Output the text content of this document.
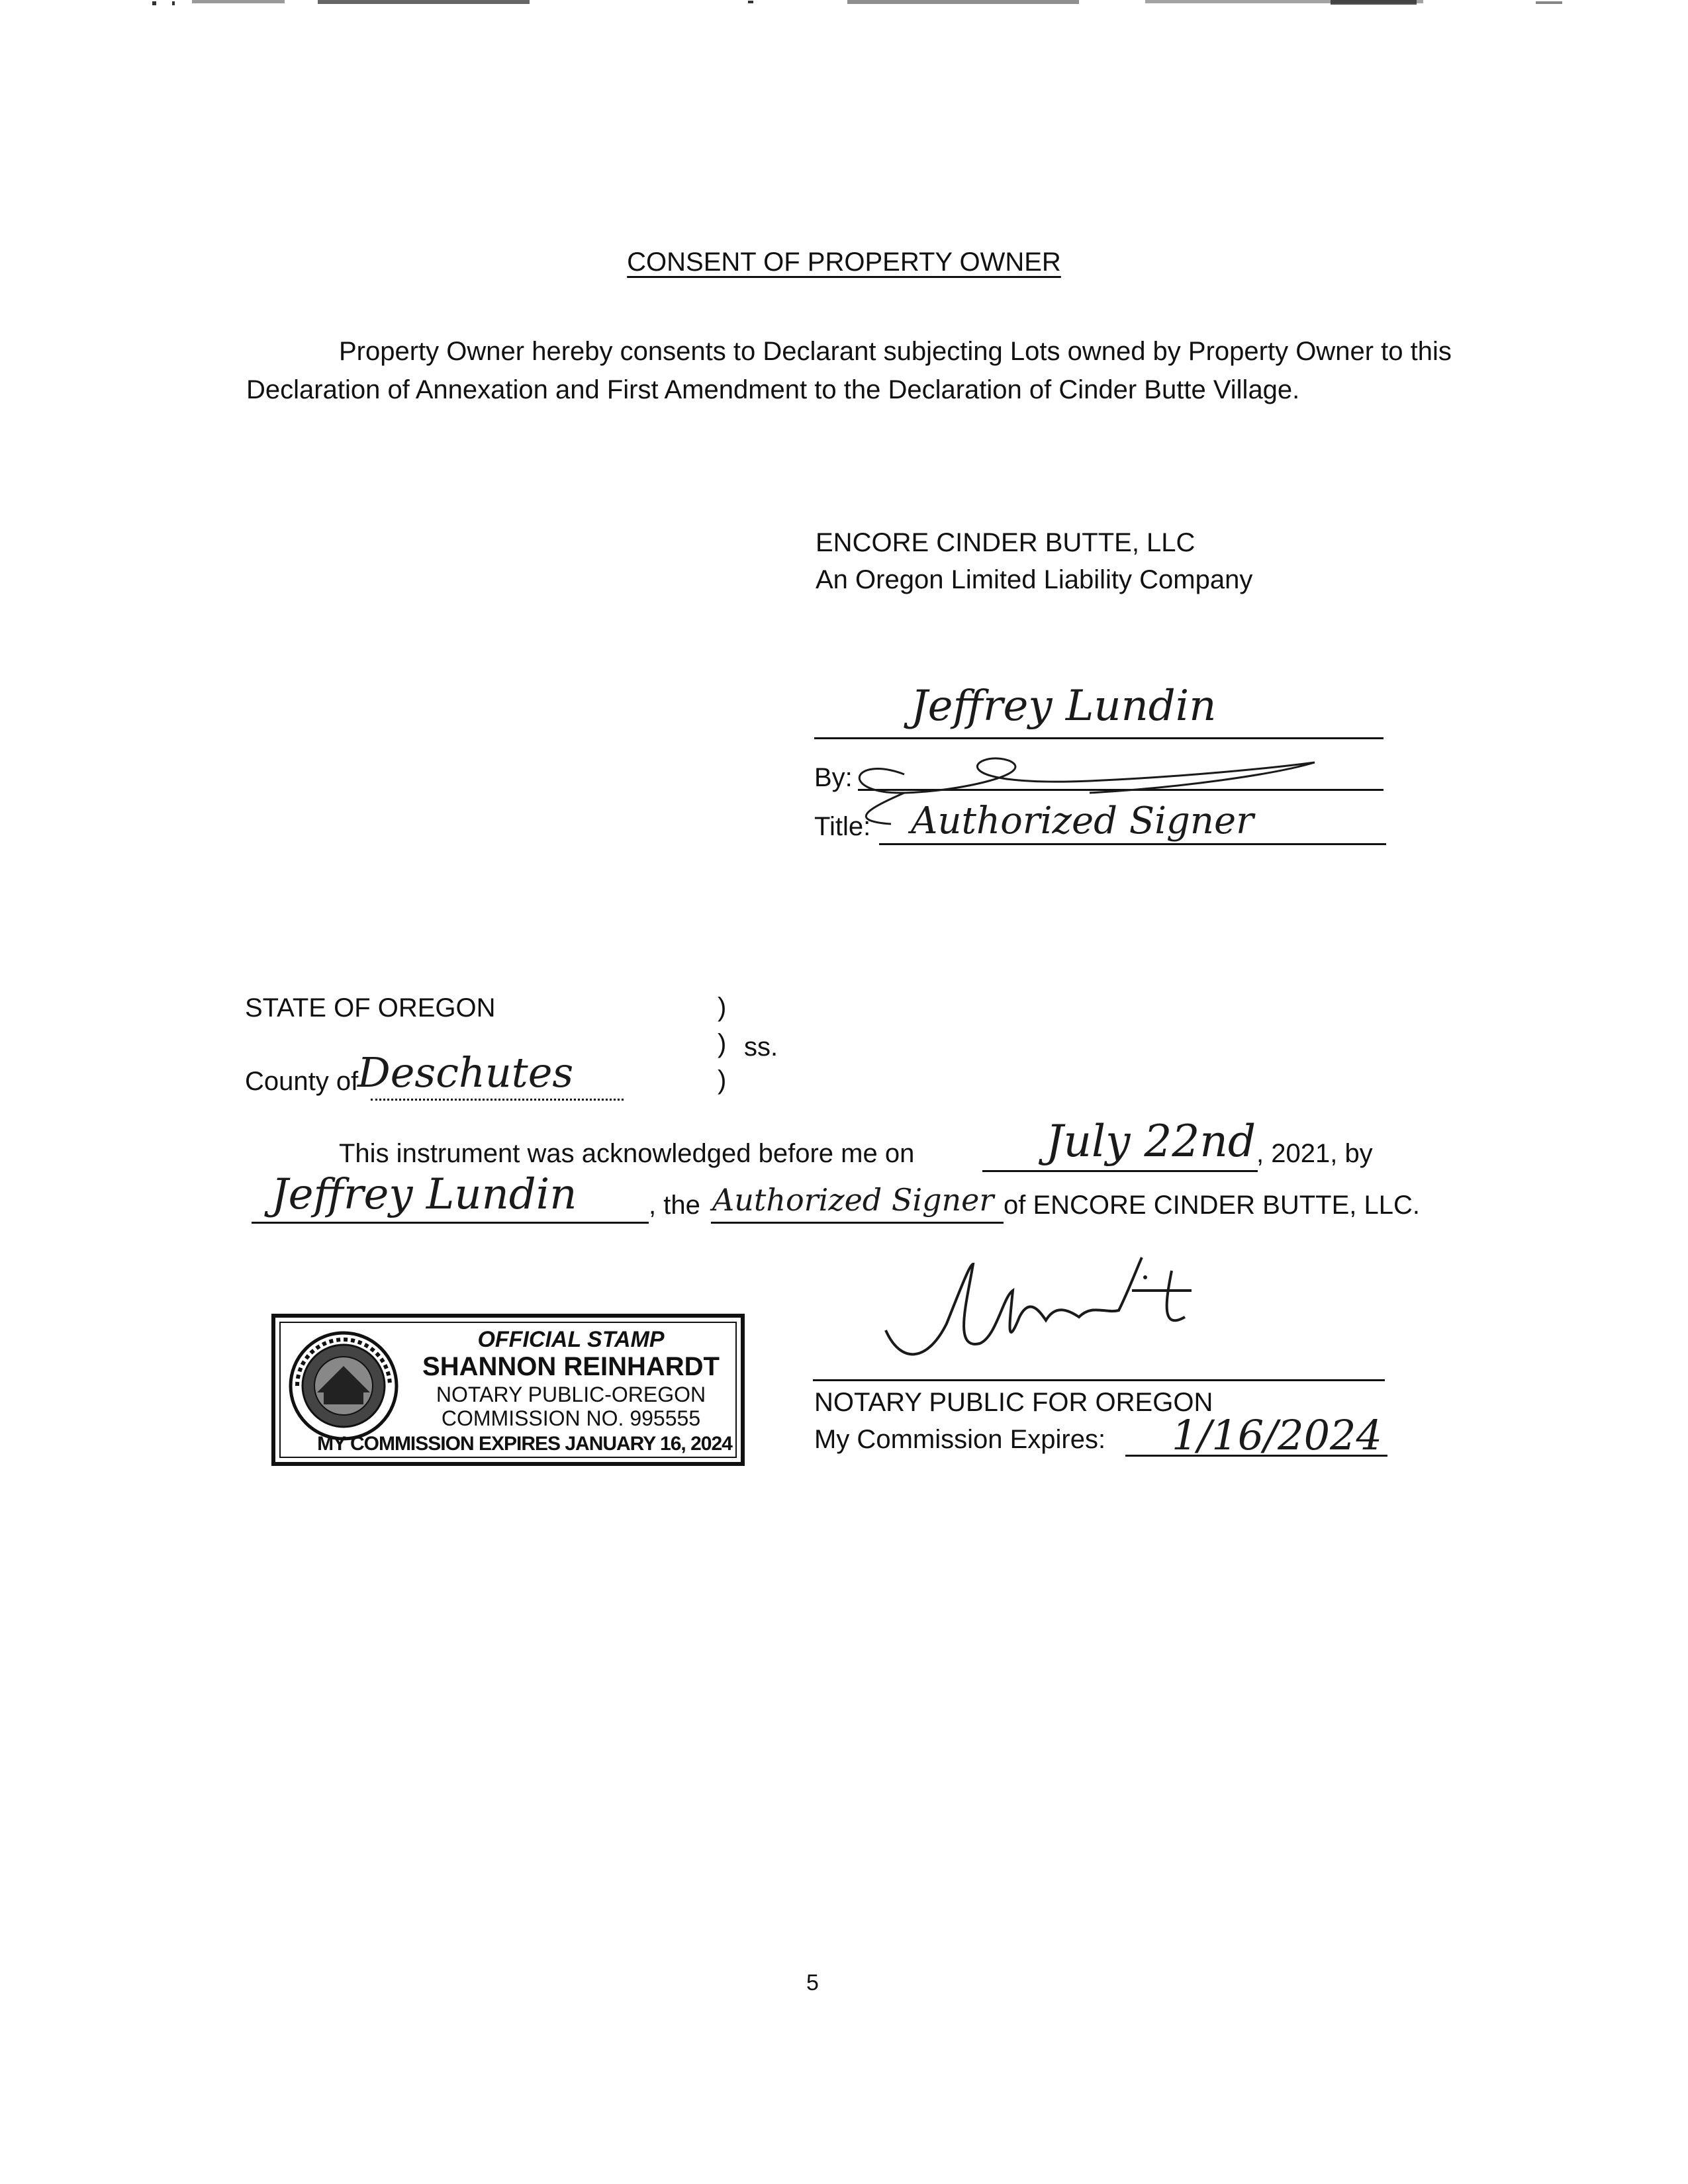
CONSENT OF PROPERTY OWNER

Property Owner hereby consents to Declarant subjecting Lots owned by Property Owner to this Declaration of Annexation and First Amendment to the Declaration of Cinder Butte Village.

ENCORE CINDER BUTTE, LLC
An Oregon Limited Liability Company
Jeffrey Lundin
By:
Title: Authorized Signer
STATE OF OREGON	)
) ss.
)
County of
Deschutes
This instrument was acknowledged before me on	July 22nd , 2021, by
Jeffrey Lundin	, the Authorized Signer of ENCORE CINDER BUTTE, LLC.
OFFICIAL STAMP
SHANNON REINHARDT
NOTARY PUBLIC-OREGON
COMMISSION NO. 995555
MY COMMISSION EXPIRES JANUARY 16, 2024
NOTARY PUBLIC FOR OREGON
My Commission Expires: 1/16/2024
5
